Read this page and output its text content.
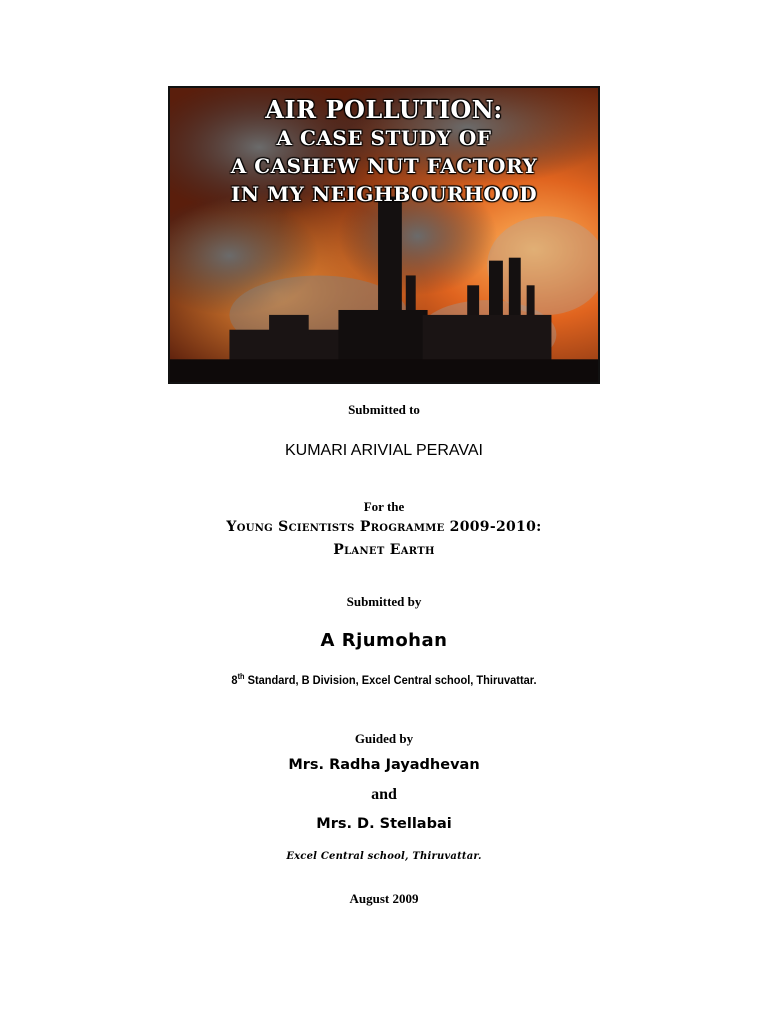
AIR POLLUTION:
A CASE STUDY OF
A CASHEW NUT FACTORY
IN MY NEIGHBOURHOOD

Submitted to

KUMARI ARIVIAL PERAVAI

For the

Young Scientists Programme 2009-2010:

Planet Earth

Submitted by

A Rjumohan

8th Standard, B Division, Excel Central school, Thiruvattar.

Guided by

Mrs. Radha Jayadhevan

and

Mrs. D. Stellabai

Excel Central school, Thiruvattar.

August 2009
